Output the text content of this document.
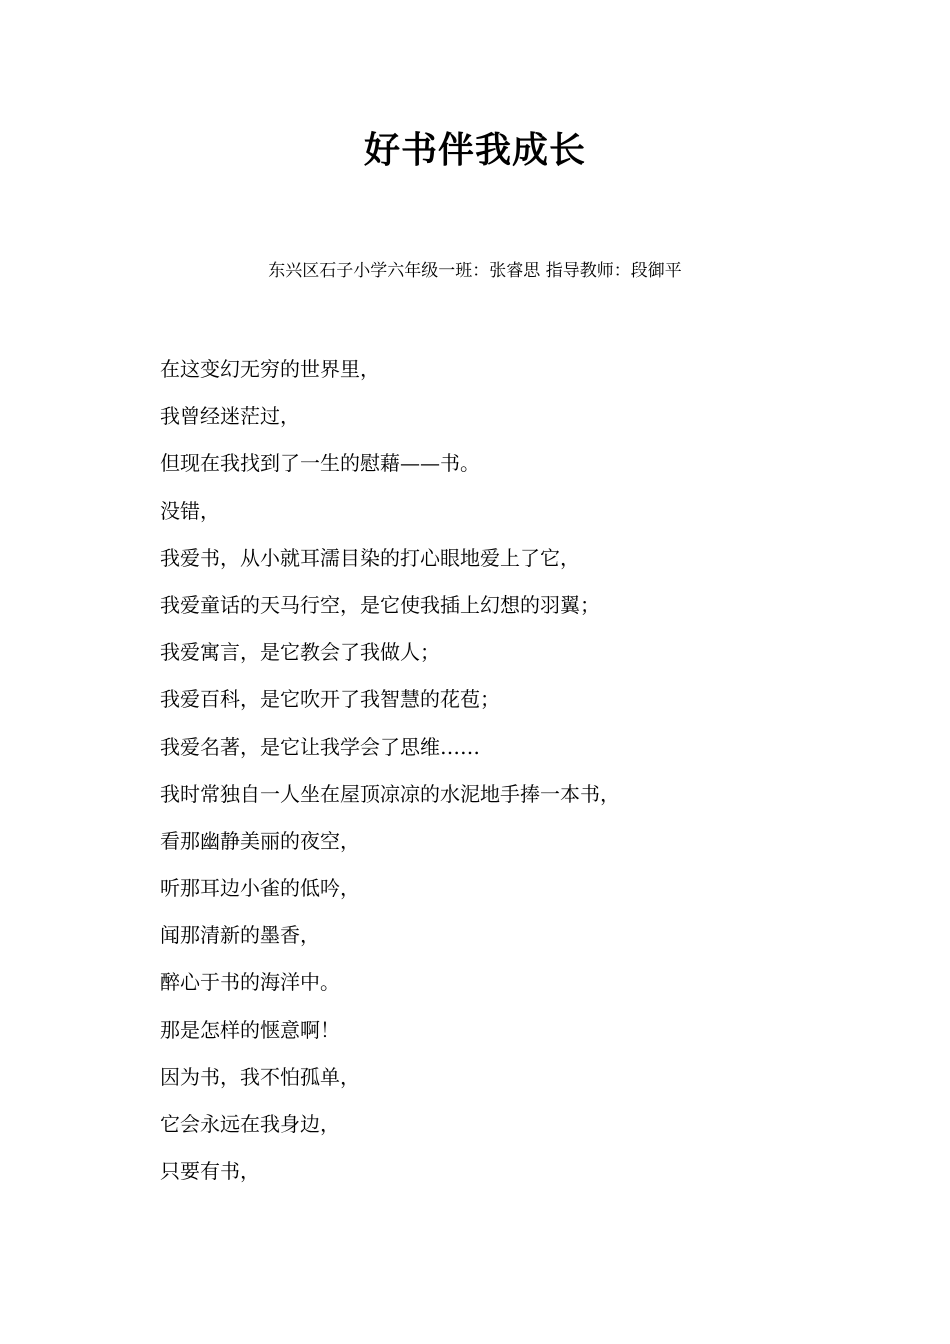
好书伴我成长
东兴区石子小学六年级一班：张睿思 指导教师：段御平
在这变幻无穷的世界里，
我曾经迷茫过，
但现在我找到了一生的慰藉——书。
没错，
我爱书，从小就耳濡目染的打心眼地爱上了它，
我爱童话的天马行空，是它使我插上幻想的羽翼；
我爱寓言，是它教会了我做人；
我爱百科，是它吹开了我智慧的花苞；
我爱名著，是它让我学会了思维……
我时常独自一人坐在屋顶凉凉的水泥地手捧一本书，
看那幽静美丽的夜空，
听那耳边小雀的低吟，
闻那清新的墨香，
醉心于书的海洋中。
那是怎样的惬意啊！
因为书，我不怕孤单，
它会永远在我身边，
只要有书，
